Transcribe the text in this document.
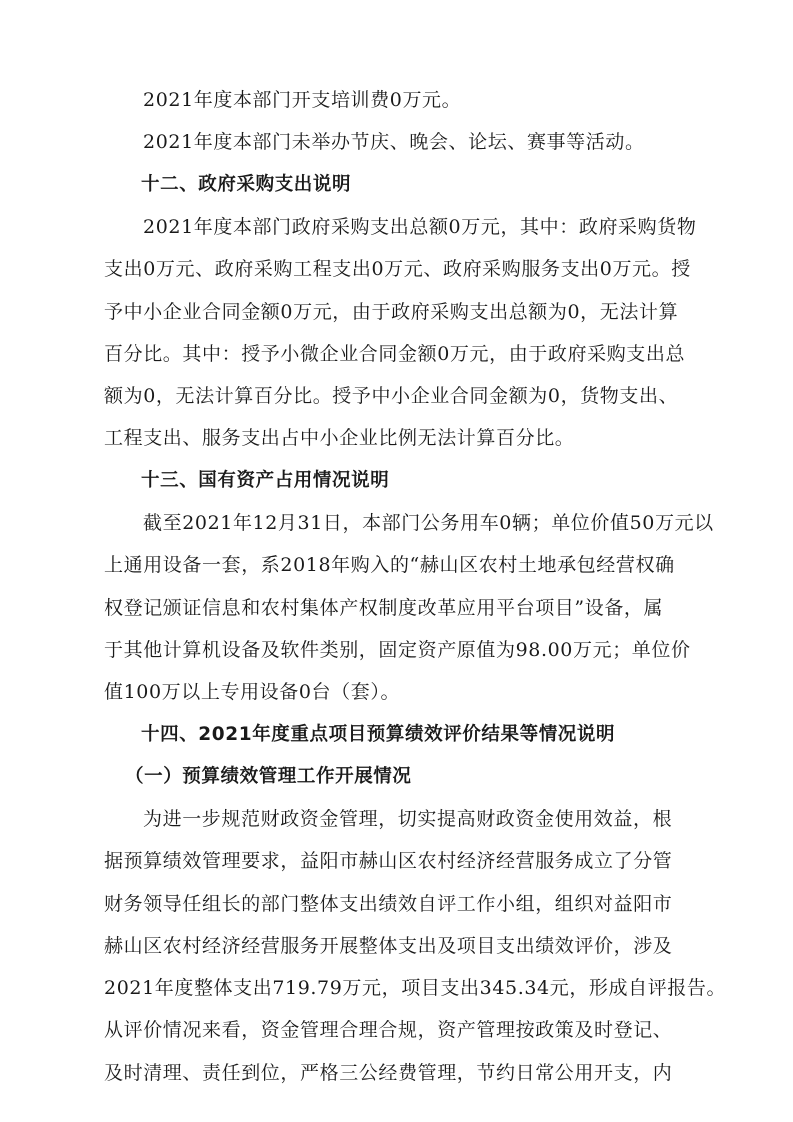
2021年度本部门开支培训费0万元。
2021年度本部门未举办节庆、晚会、论坛、赛事等活动。
十二、政府采购支出说明
2021年度本部门政府采购支出总额0万元，其中：政府采购货物
支出0万元、政府采购工程支出0万元、政府采购服务支出0万元。授
予中小企业合同金额0万元，由于政府采购支出总额为0，无法计算
百分比。其中：授予小微企业合同金额0万元，由于政府采购支出总
额为0，无法计算百分比。授予中小企业合同金额为0，货物支出、
工程支出、服务支出占中小企业比例无法计算百分比。
十三、国有资产占用情况说明
截至2021年12月31日，本部门公务用车0辆；单位价值50万元以
上通用设备一套，系2018年购入的“赫山区农村土地承包经营权确
权登记颁证信息和农村集体产权制度改革应用平台项目”设备，属
于其他计算机设备及软件类别，固定资产原值为98.00万元；单位价
值100万以上专用设备0台（套）。
十四、2021年度重点项目预算绩效评价结果等情况说明
（一）预算绩效管理工作开展情况
为进一步规范财政资金管理，切实提高财政资金使用效益，根
据预算绩效管理要求，益阳市赫山区农村经济经营服务成立了分管
财务领导任组长的部门整体支出绩效自评工作小组，组织对益阳市
赫山区农村经济经营服务开展整体支出及项目支出绩效评价，涉及
2021年度整体支出719.79万元，项目支出345.34元，形成自评报告。
从评价情况来看，资金管理合理合规，资产管理按政策及时登记、
及时清理、责任到位，严格三公经费管理，节约日常公用开支，内
